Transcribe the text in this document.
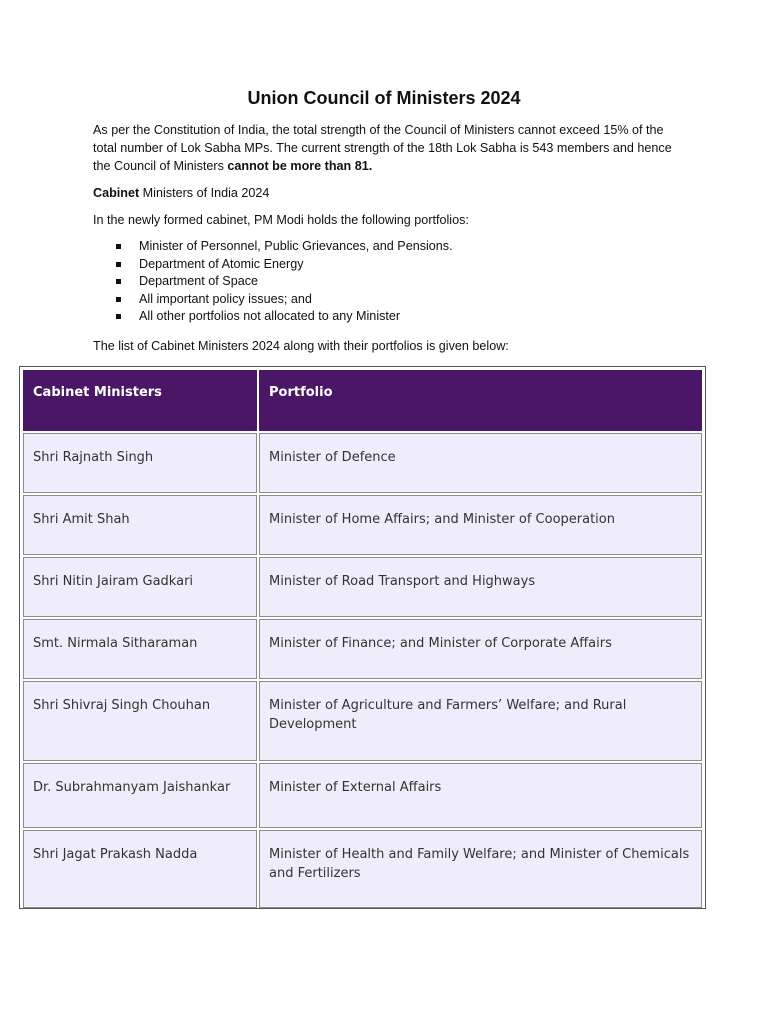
Union Council of Ministers 2024

As per the Constitution of India, the total strength of the Council of Ministers cannot exceed 15% of the total number of Lok Sabha MPs. The current strength of the 18th Lok Sabha is 543 members and hence the Council of Ministers cannot be more than 81.

Cabinet Ministers of India 2024

In the newly formed cabinet, PM Modi holds the following portfolios:

Minister of Personnel, Public Grievances, and Pensions.
Department of Atomic Energy
Department of Space
All important policy issues; and
All other portfolios not allocated to any Minister

The list of Cabinet Ministers 2024 along with their portfolios is given below:

Cabinet Ministers	Portfolio
Shri Rajnath Singh	Minister of Defence
Shri Amit Shah	Minister of Home Affairs; and Minister of Cooperation
Shri Nitin Jairam Gadkari	Minister of Road Transport and Highways
Smt. Nirmala Sitharaman	Minister of Finance; and Minister of Corporate Affairs
Shri Shivraj Singh Chouhan	Minister of Agriculture and Farmers’ Welfare; and Rural Development
Dr. Subrahmanyam Jaishankar	Minister of External Affairs
Shri Jagat Prakash Nadda	Minister of Health and Family Welfare; and Minister of Chemicals and Fertilizers
